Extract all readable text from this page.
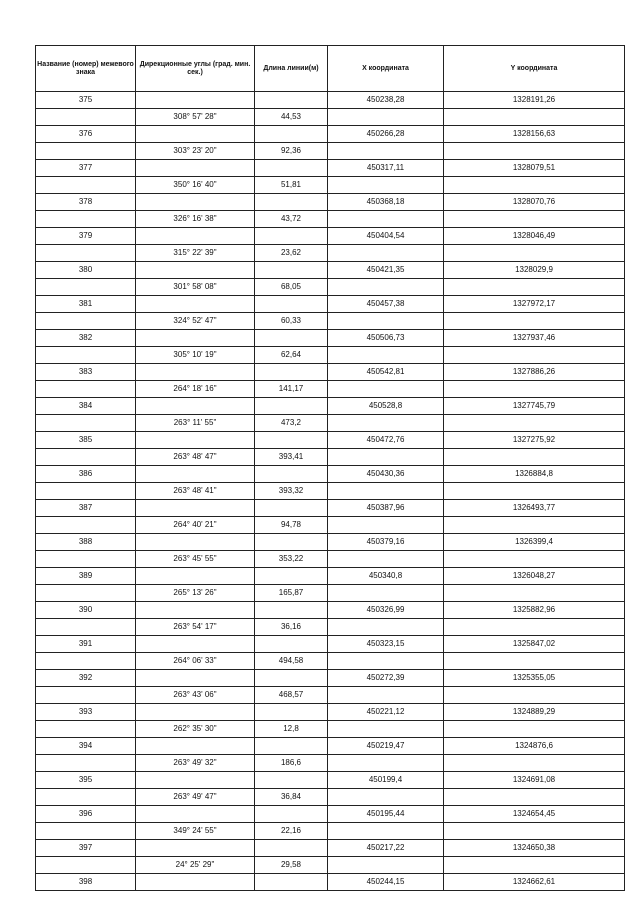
Название (номер) межевого знака	Дирекционные углы (град. мин. сек.)	Длина линии(м)	Х координата	Y координата
375			450238,28	1328191,26
	308° 57' 28"	44,53		
376			450266,28	1328156,63
	303° 23' 20"	92,36		
377			450317,11	1328079,51
	350° 16' 40"	51,81		
378			450368,18	1328070,76
	326° 16' 38"	43,72		
379			450404,54	1328046,49
	315° 22' 39"	23,62		
380			450421,35	1328029,9
	301° 58' 08"	68,05		
381			450457,38	1327972,17
	324° 52' 47"	60,33		
382			450506,73	1327937,46
	305° 10' 19"	62,64		
383			450542,81	1327886,26
	264° 18' 16"	141,17		
384			450528,8	1327745,79
	263° 11' 55"	473,2		
385			450472,76	1327275,92
	263° 48' 47"	393,41		
386			450430,36	1326884,8
	263° 48' 41"	393,32		
387			450387,96	1326493,77
	264° 40' 21"	94,78		
388			450379,16	1326399,4
	263° 45' 55"	353,22		
389			450340,8	1326048,27
	265° 13' 26"	165,87		
390			450326,99	1325882,96
	263° 54' 17"	36,16		
391			450323,15	1325847,02
	264° 06' 33"	494,58		
392			450272,39	1325355,05
	263° 43' 06"	468,57		
393			450221,12	1324889,29
	262° 35' 30"	12,8		
394			450219,47	1324876,6
	263° 49' 32"	186,6		
395			450199,4	1324691,08
	263° 49' 47"	36,84		
396			450195,44	1324654,45
	349° 24' 55"	22,16		
397			450217,22	1324650,38
	24° 25' 29"	29,58		
398			450244,15	1324662,61
